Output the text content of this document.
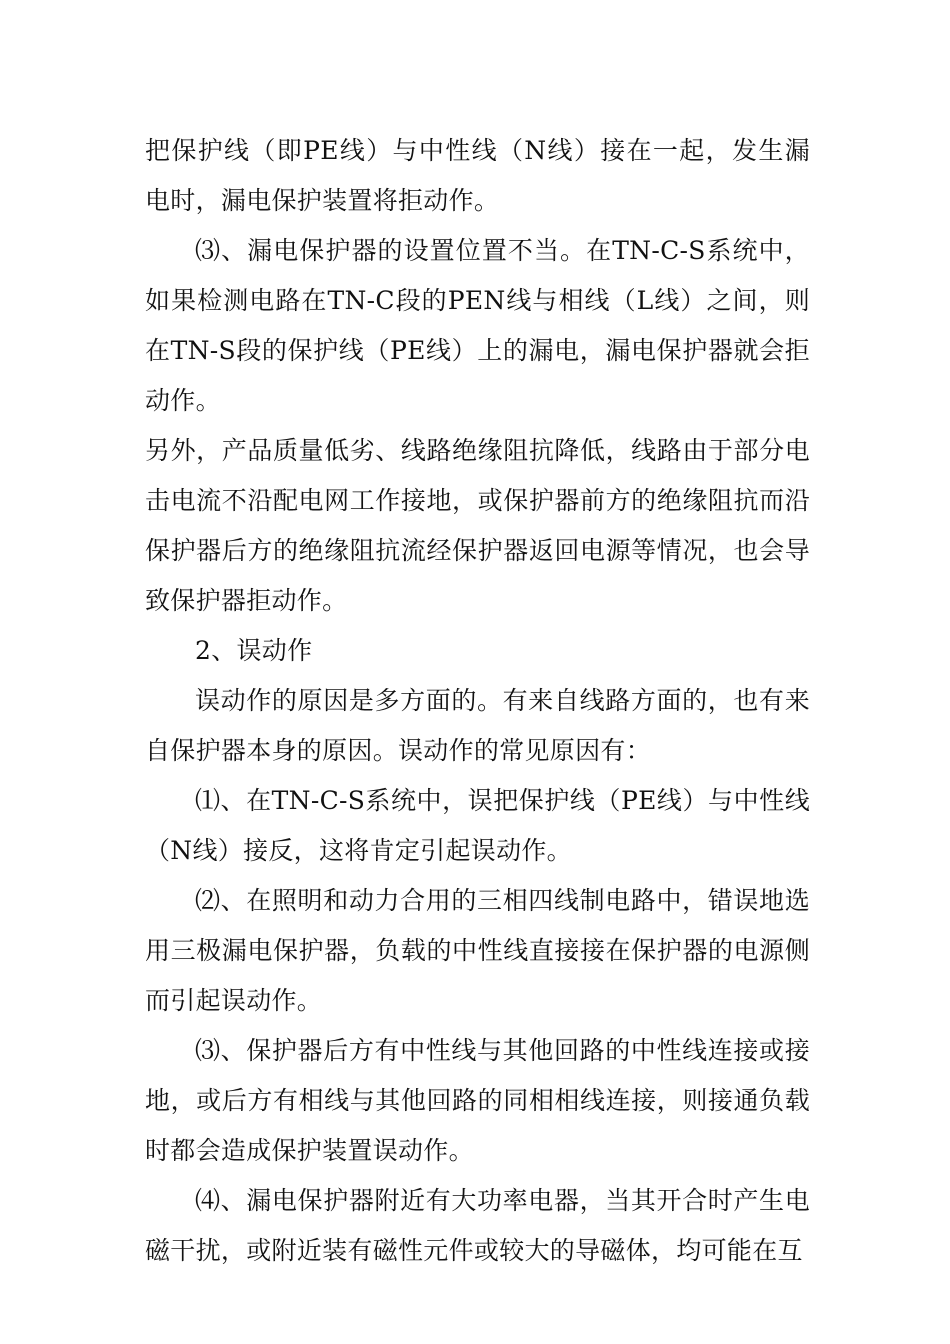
把保护线（即PE线）与中性线（N线）接在一起，发生漏电时，漏电保护装置将拒动作。

⑶、漏电保护器的设置位置不当。在TN-C-S系统中，如果检测电路在TN-C段的PEN线与相线（L线）之间，则在TN-S段的保护线（PE线）上的漏电，漏电保护器就会拒动作。

另外，产品质量低劣、线路绝缘阻抗降低，线路由于部分电击电流不沿配电网工作接地，或保护器前方的绝缘阻抗而沿保护器后方的绝缘阻抗流经保护器返回电源等情况，也会导致保护器拒动作。

2、误动作

误动作的原因是多方面的。有来自线路方面的，也有来自保护器本身的原因。误动作的常见原因有：

⑴、在TN-C-S系统中，误把保护线（PE线）与中性线（N线）接反，这将肯定引起误动作。

⑵、在照明和动力合用的三相四线制电路中，错误地选用三极漏电保护器，负载的中性线直接接在保护器的电源侧而引起误动作。

⑶、保护器后方有中性线与其他回路的中性线连接或接地，或后方有相线与其他回路的同相相线连接，则接通负载时都会造成保护装置误动作。

⑷、漏电保护器附近有大功率电器，当其开合时产生电磁干扰，或附近装有磁性元件或较大的导磁体，均可能在互
